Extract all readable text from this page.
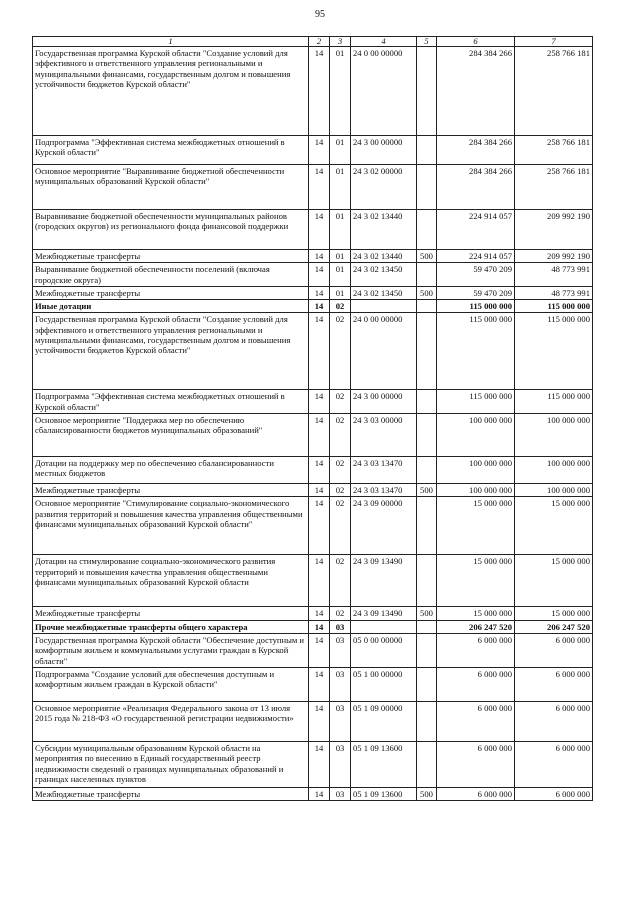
95
1	2	3	4	5	6	7
Государственная программа Курской области "Создание условий для эффективного и ответственного управления региональными и муниципальными финансами, государственным долгом и повышения устойчивости бюджетов Курской области"	14	01	24 0 00 00000		284 384 266	258 766 181
Подпрограмма "Эффективная система межбюджетных отношений в Курской области"	14	01	24 3 00 00000		284 384 266	258 766 181
Основное мероприятие "Выравнивание бюджетной обеспеченности муниципальных образований Курской области"	14	01	24 3 02 00000		284 384 266	258 766 181
Выравнивание бюджетной обеспеченности муниципальных районов (городских округов) из регионального фонда финансовой поддержки	14	01	24 3 02 13440		224 914 057	209 992 190
Межбюджетные трансферты	14	01	24 3 02 13440	500	224 914 057	209 992 190
Выравнивание бюджетной обеспеченности поселений (включая городские округа)	14	01	24 3 02 13450		59 470 209	48 773 991
Межбюджетные трансферты	14	01	24 3 02 13450	500	59 470 209	48 773 991
Иные дотации	14	02			115 000 000	115 000 000
Государственная программа Курской области "Создание условий для эффективного и ответственного управления региональными и муниципальными финансами, государственным долгом и повышения устойчивости бюджетов Курской области"	14	02	24 0 00 00000		115 000 000	115 000 000
Подпрограмма "Эффективная система межбюджетных отношений в Курской области"	14	02	24 3 00 00000		115 000 000	115 000 000
Основное мероприятие "Поддержка мер по обеспечению сбалансированности бюджетов муниципальных образований"	14	02	24 3 03 00000		100 000 000	100 000 000
Дотации на поддержку мер по обеспечению сбалансированности местных бюджетов	14	02	24 3 03 13470		100 000 000	100 000 000
Межбюджетные трансферты	14	02	24 3 03 13470	500	100 000 000	100 000 000
Основное мероприятие "Стимулирование социально-экономического развития территорий и повышения качества управления общественными финансами муниципальных образований Курской области"	14	02	24 3 09 00000		15 000 000	15 000 000
Дотации на стимулирование социально-экономического развития территорий и повышения качества управления общественными финансами муниципальных образований Курской области	14	02	24 3 09 13490		15 000 000	15 000 000
Межбюджетные трансферты	14	02	24 3 09 13490	500	15 000 000	15 000 000
Прочие межбюджетные трансферты общего характера	14	03			206 247 520	206 247 520
Государственная программа Курской области "Обеспечение доступным и комфортным жильем и коммунальными услугами граждан в Курской области"	14	03	05 0 00 00000		6 000 000	6 000 000
Подпрограмма "Создание условий для обеспечения доступным и комфортным жильем граждан в Курской области"	14	03	05 1 00 00000		6 000 000	6 000 000
Основное мероприятие «Реализация Федерального закона от 13 июля 2015 года № 218-ФЗ «О государственной регистрации недвижимости»	14	03	05 1 09 00000		6 000 000	6 000 000
Субсидии муниципальным образованиям Курской области на мероприятия по внесению в Единый государственный реестр недвижимости сведений о границах муниципальных образований и границах населенных пунктов	14	03	05 1 09 13600		6 000 000	6 000 000
Межбюджетные трансферты	14	03	05 1 09 13600	500	6 000 000	6 000 000
